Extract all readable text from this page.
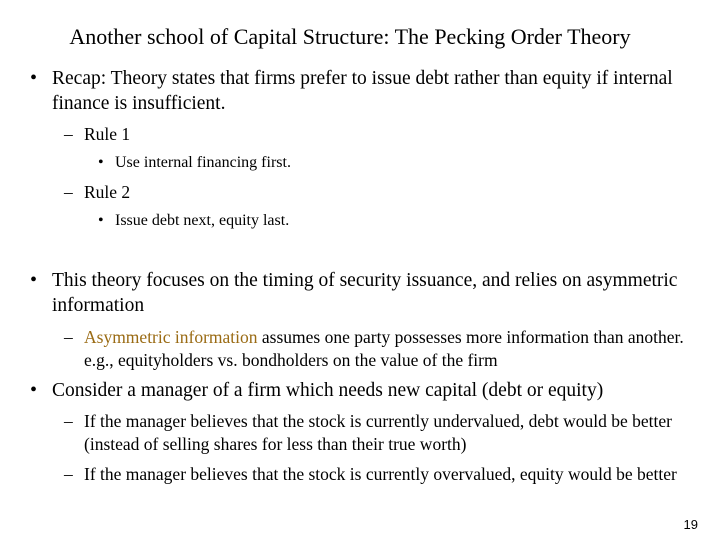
Another school of Capital Structure: The Pecking Order Theory
• Recap: Theory states that firms prefer to issue debt rather than equity if internal finance is insufficient.
– Rule 1
• Use internal financing first.
– Rule 2
• Issue debt next, equity last.
• This theory focuses on the timing of security issuance, and relies on asymmetric information
– Asymmetric information assumes one party possesses more information than another. e.g., equityholders vs. bondholders on the value of the firm
• Consider a manager of a firm which needs new capital (debt or equity)
– If the manager believes that the stock is currently undervalued, debt would be better (instead of selling shares for less than their true worth)
– If the manager believes that the stock is currently overvalued, equity would be better
19
